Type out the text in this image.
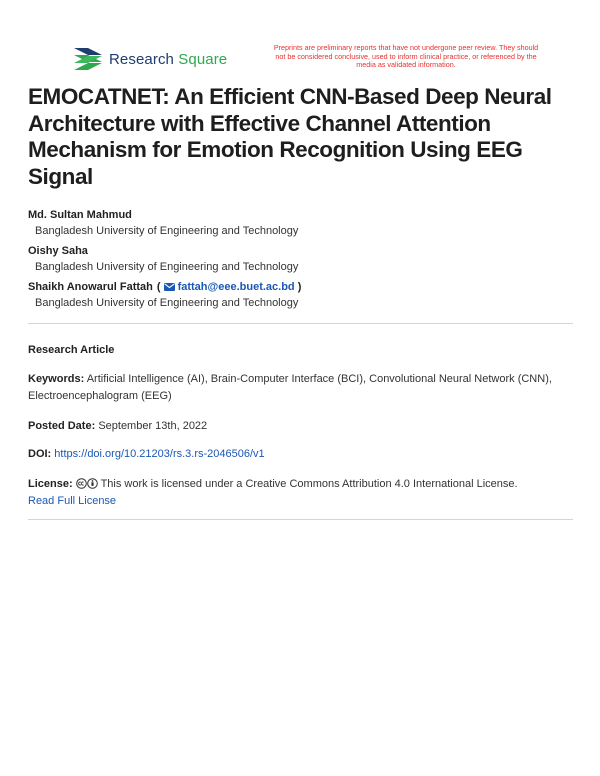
Research Square
Preprints are preliminary reports that have not undergone peer review. They should not be considered conclusive, used to inform clinical practice, or referenced by the media as validated information.
EMOCATNET: An Efficient CNN-Based Deep Neural Architecture with Effective Channel Attention Mechanism for Emotion Recognition Using EEG Signal
Md. Sultan Mahmud
Bangladesh University of Engineering and Technology
Oishy Saha
Bangladesh University of Engineering and Technology
Shaikh Anowarul Fattah ( fattah@eee.buet.ac.bd )
Bangladesh University of Engineering and Technology
Research Article
Keywords: Artificial Intelligence (AI), Brain-Computer Interface (BCI), Convolutional Neural Network (CNN), Electroencephalogram (EEG)
Posted Date: September 13th, 2022
DOI: https://doi.org/10.21203/rs.3.rs-2046506/v1
License:	This work is licensed under a Creative Commons Attribution 4.0 International License.
Read Full License
